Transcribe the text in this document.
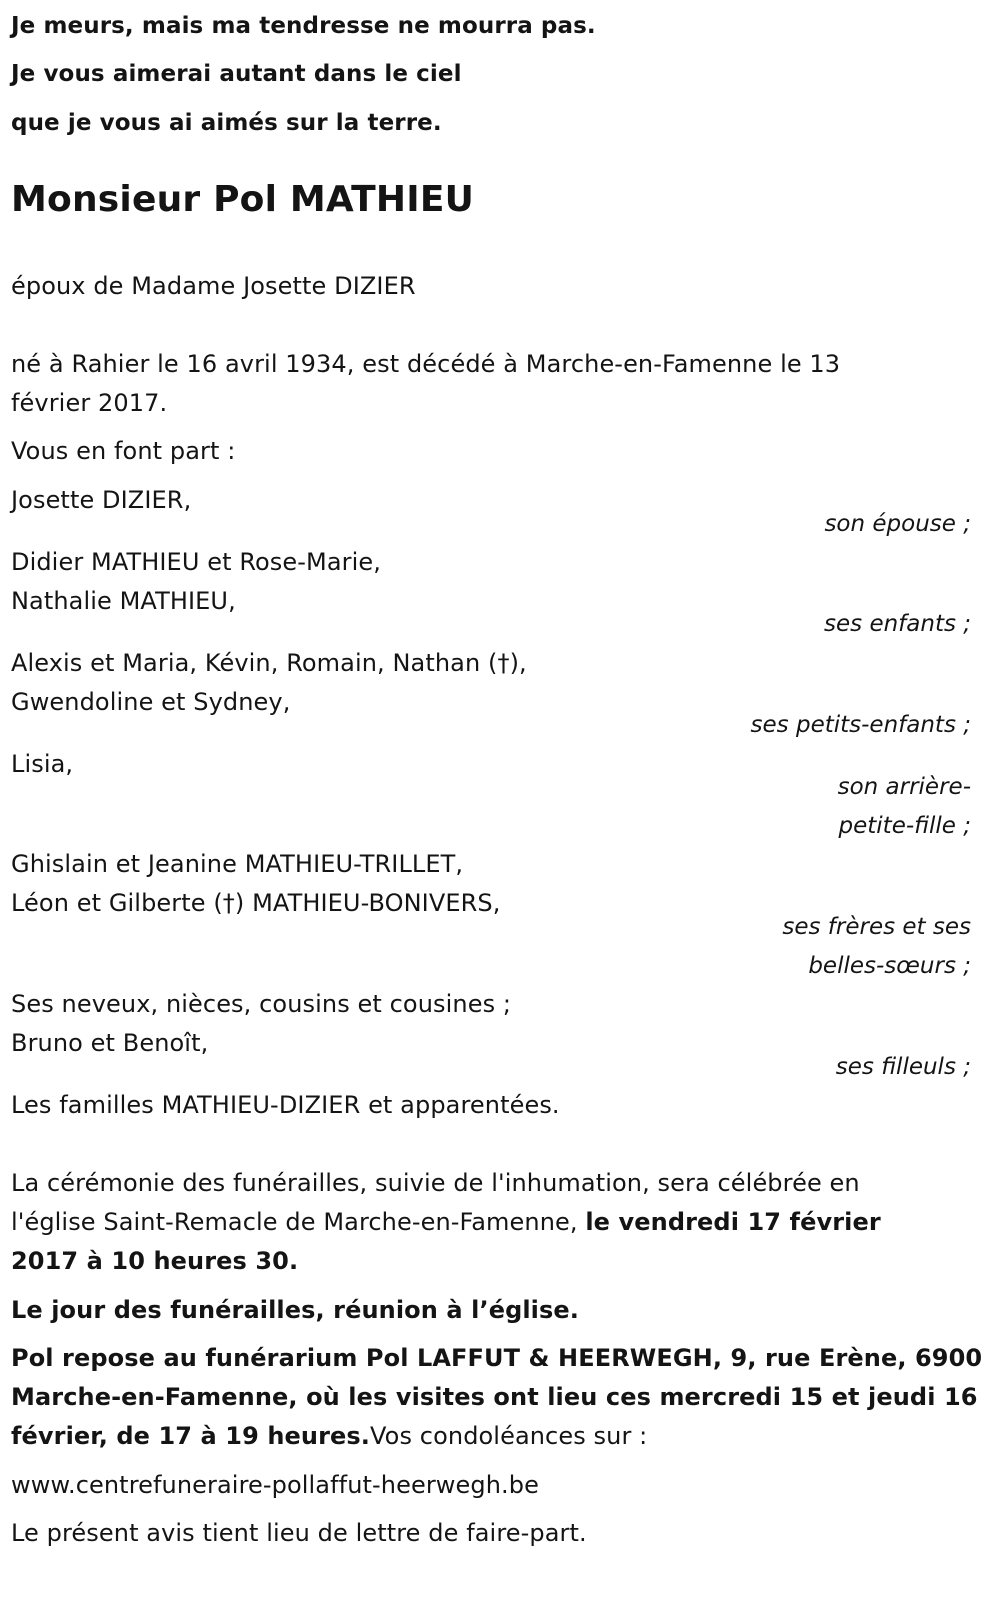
Je meurs, mais ma tendresse ne mourra pas.
Je vous aimerai autant dans le ciel
que je vous ai aimés sur la terre.
Monsieur Pol MATHIEU
époux de Madame Josette DIZIER
né à Rahier le 16 avril 1934, est décédé à Marche-en-Famenne le 13
février 2017.
Vous en font part :
Josette DIZIER,
son épouse ;
Didier MATHIEU et Rose-Marie,
Nathalie MATHIEU,
ses enfants ;
Alexis et Maria, Kévin, Romain, Nathan (†),
Gwendoline et Sydney,
ses petits-enfants ;
Lisia,
son arrière-
petite-fille ;
Ghislain et Jeanine MATHIEU-TRILLET,
Léon et Gilberte (†) MATHIEU-BONIVERS,
ses frères et ses
belles-sœurs ;
Ses neveux, nièces, cousins et cousines ;
Bruno et Benoît,
ses filleuls ;
Les familles MATHIEU-DIZIER et apparentées.
La cérémonie des funérailles, suivie de l'inhumation, sera célébrée en
l'église Saint-Remacle de Marche-en-Famenne, le vendredi 17 février
2017 à 10 heures 30.
Le jour des funérailles, réunion à l’église.
Pol repose au funérarium Pol LAFFUT & HEERWEGH, 9, rue Erène, 6900
Marche-en-Famenne, où les visites ont lieu ces mercredi 15 et jeudi 16
février, de 17 à 19 heures.Vos condoléances sur :
www.centrefuneraire-pollaffut-heerwegh.be
Le présent avis tient lieu de lettre de faire-part.
